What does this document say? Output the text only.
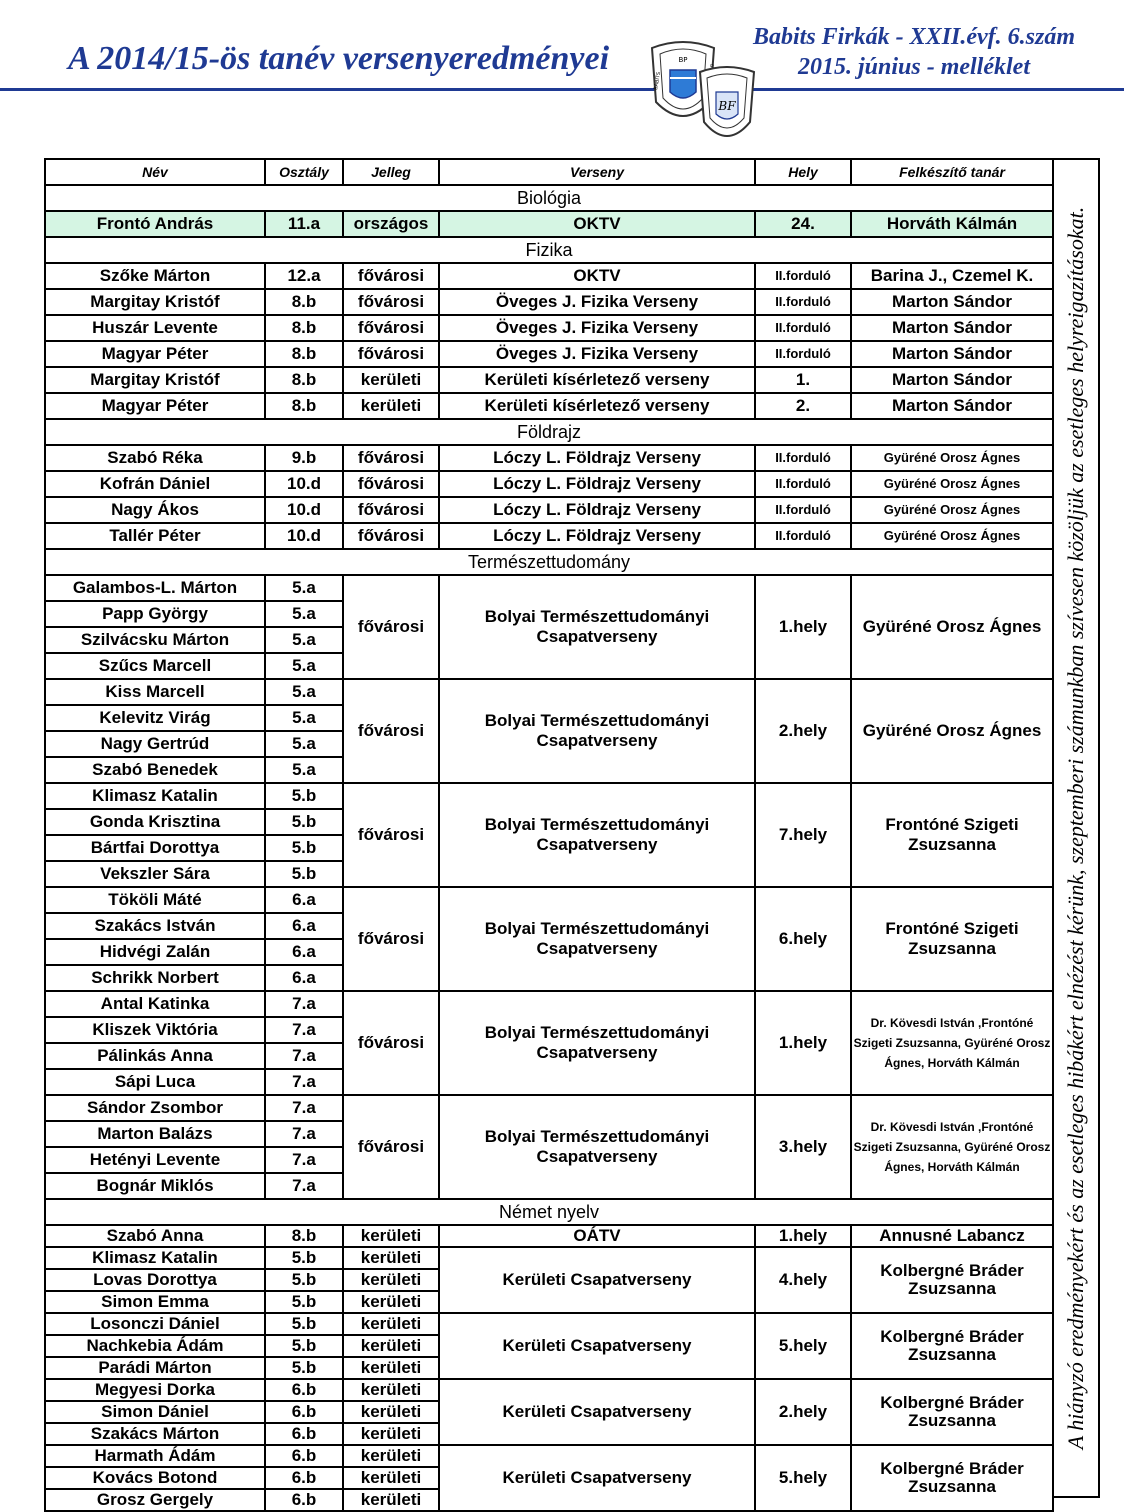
A 2014/15-ös tanév versenyeredményei
Babits Firkák - XXII.évf. 6.szám
2015. június - melléklet
BP
BABITS
BF
Név	Osztály	Jelleg	Verseny	Hely	Felkészítő tanár
Biológia					
Frontó András	11.a	országos	OKTV	24.	Horváth Kálmán
Fizika					
Szőke Márton	12.a	fővárosi	OKTV	II.forduló	Barina J., Czemel K.
Margitay Kristóf	8.b	fővárosi	Öveges J. Fizika Verseny	II.forduló	Marton Sándor
Huszár Levente	8.b	fővárosi	Öveges J. Fizika Verseny	II.forduló	Marton Sándor
Magyar Péter	8.b	fővárosi	Öveges J. Fizika Verseny	II.forduló	Marton Sándor
Margitay Kristóf	8.b	kerületi	Kerületi kísérletező verseny	1.	Marton Sándor
Magyar Péter	8.b	kerületi	Kerületi kísérletező verseny	2.	Marton Sándor
Földrajz					
Szabó Réka	9.b	fővárosi	Lóczy L. Földrajz Verseny	II.forduló	Gyüréné Orosz Ágnes
Kofrán Dániel	10.d	fővárosi	Lóczy L. Földrajz Verseny	II.forduló	Gyüréné Orosz Ágnes
Nagy Ákos	10.d	fővárosi	Lóczy L. Földrajz Verseny	II.forduló	Gyüréné Orosz Ágnes
Tallér Péter	10.d	fővárosi	Lóczy L. Földrajz Verseny	II.forduló	Gyüréné Orosz Ágnes
Természettudomány					
Galambos-L. Márton	5.a	fővárosi	Bolyai Természettudományi Csapatverseny	1.hely	Gyüréné Orosz Ágnes
Papp György	5.a				
Szilvácsku Márton	5.a				
Szűcs Marcell	5.a				
Kiss Marcell	5.a	fővárosi	Bolyai Természettudományi Csapatverseny	2.hely	Gyüréné Orosz Ágnes
Kelevitz Virág	5.a				
Nagy Gertrúd	5.a				
Szabó Benedek	5.a				
Klimasz Katalin	5.b	fővárosi	Bolyai Természettudományi Csapatverseny	7.hely	Frontóné Szigeti Zsuzsanna
Gonda Krisztina	5.b				
Bártfai Dorottya	5.b				
Vekszler Sára	5.b				
Tököli Máté	6.a	fővárosi	Bolyai Természettudományi Csapatverseny	6.hely	Frontóné Szigeti Zsuzsanna
Szakács István	6.a				
Hidvégi Zalán	6.a				
Schrikk Norbert	6.a				
Antal Katinka	7.a	fővárosi	Bolyai Természettudományi Csapatverseny	1.hely	Dr. Kövesdi István ,Frontóné Szigeti Zsuzsanna, Gyüréné Orosz Ágnes, Horváth Kálmán
Kliszek Viktória	7.a				
Pálinkás Anna	7.a				
Sápi Luca	7.a				
Sándor Zsombor	7.a	fővárosi	Bolyai Természettudományi Csapatverseny	3.hely	Dr. Kövesdi István ,Frontóné Szigeti Zsuzsanna, Gyüréné Orosz Ágnes, Horváth Kálmán
Marton Balázs	7.a				
Hetényi Levente	7.a				
Bognár Miklós	7.a				
Német nyelv					
Szabó Anna	8.b	kerületi	OÁTV	1.hely	Annusné Labancz
Klimasz Katalin	5.b	kerületi	Kerületi Csapatverseny	4.hely	Kolbergné Bráder Zsuzsanna
Lovas Dorottya	5.b	kerületi			
Simon Emma	5.b	kerületi			
Losonczi Dániel	5.b	kerületi	Kerületi Csapatverseny	5.hely	Kolbergné Bráder Zsuzsanna
Nachkebia Ádám	5.b	kerületi			
Parádi Márton	5.b	kerületi			
Megyesi Dorka	6.b	kerületi	Kerületi Csapatverseny	2.hely	Kolbergné Bráder Zsuzsanna
Simon Dániel	6.b	kerületi			
Szakács Márton	6.b	kerületi			
Harmath Ádám	6.b	kerületi	Kerületi Csapatverseny	5.hely	Kolbergné Bráder Zsuzsanna
Kovács Botond	6.b	kerületi			
Grosz Gergely	6.b	kerületi			
A hiányzó eredményekért és az esetleges hibákért elnézést kérünk, szeptemberi számunkban szívesen közöljük az esetleges helyreigazításokat.
